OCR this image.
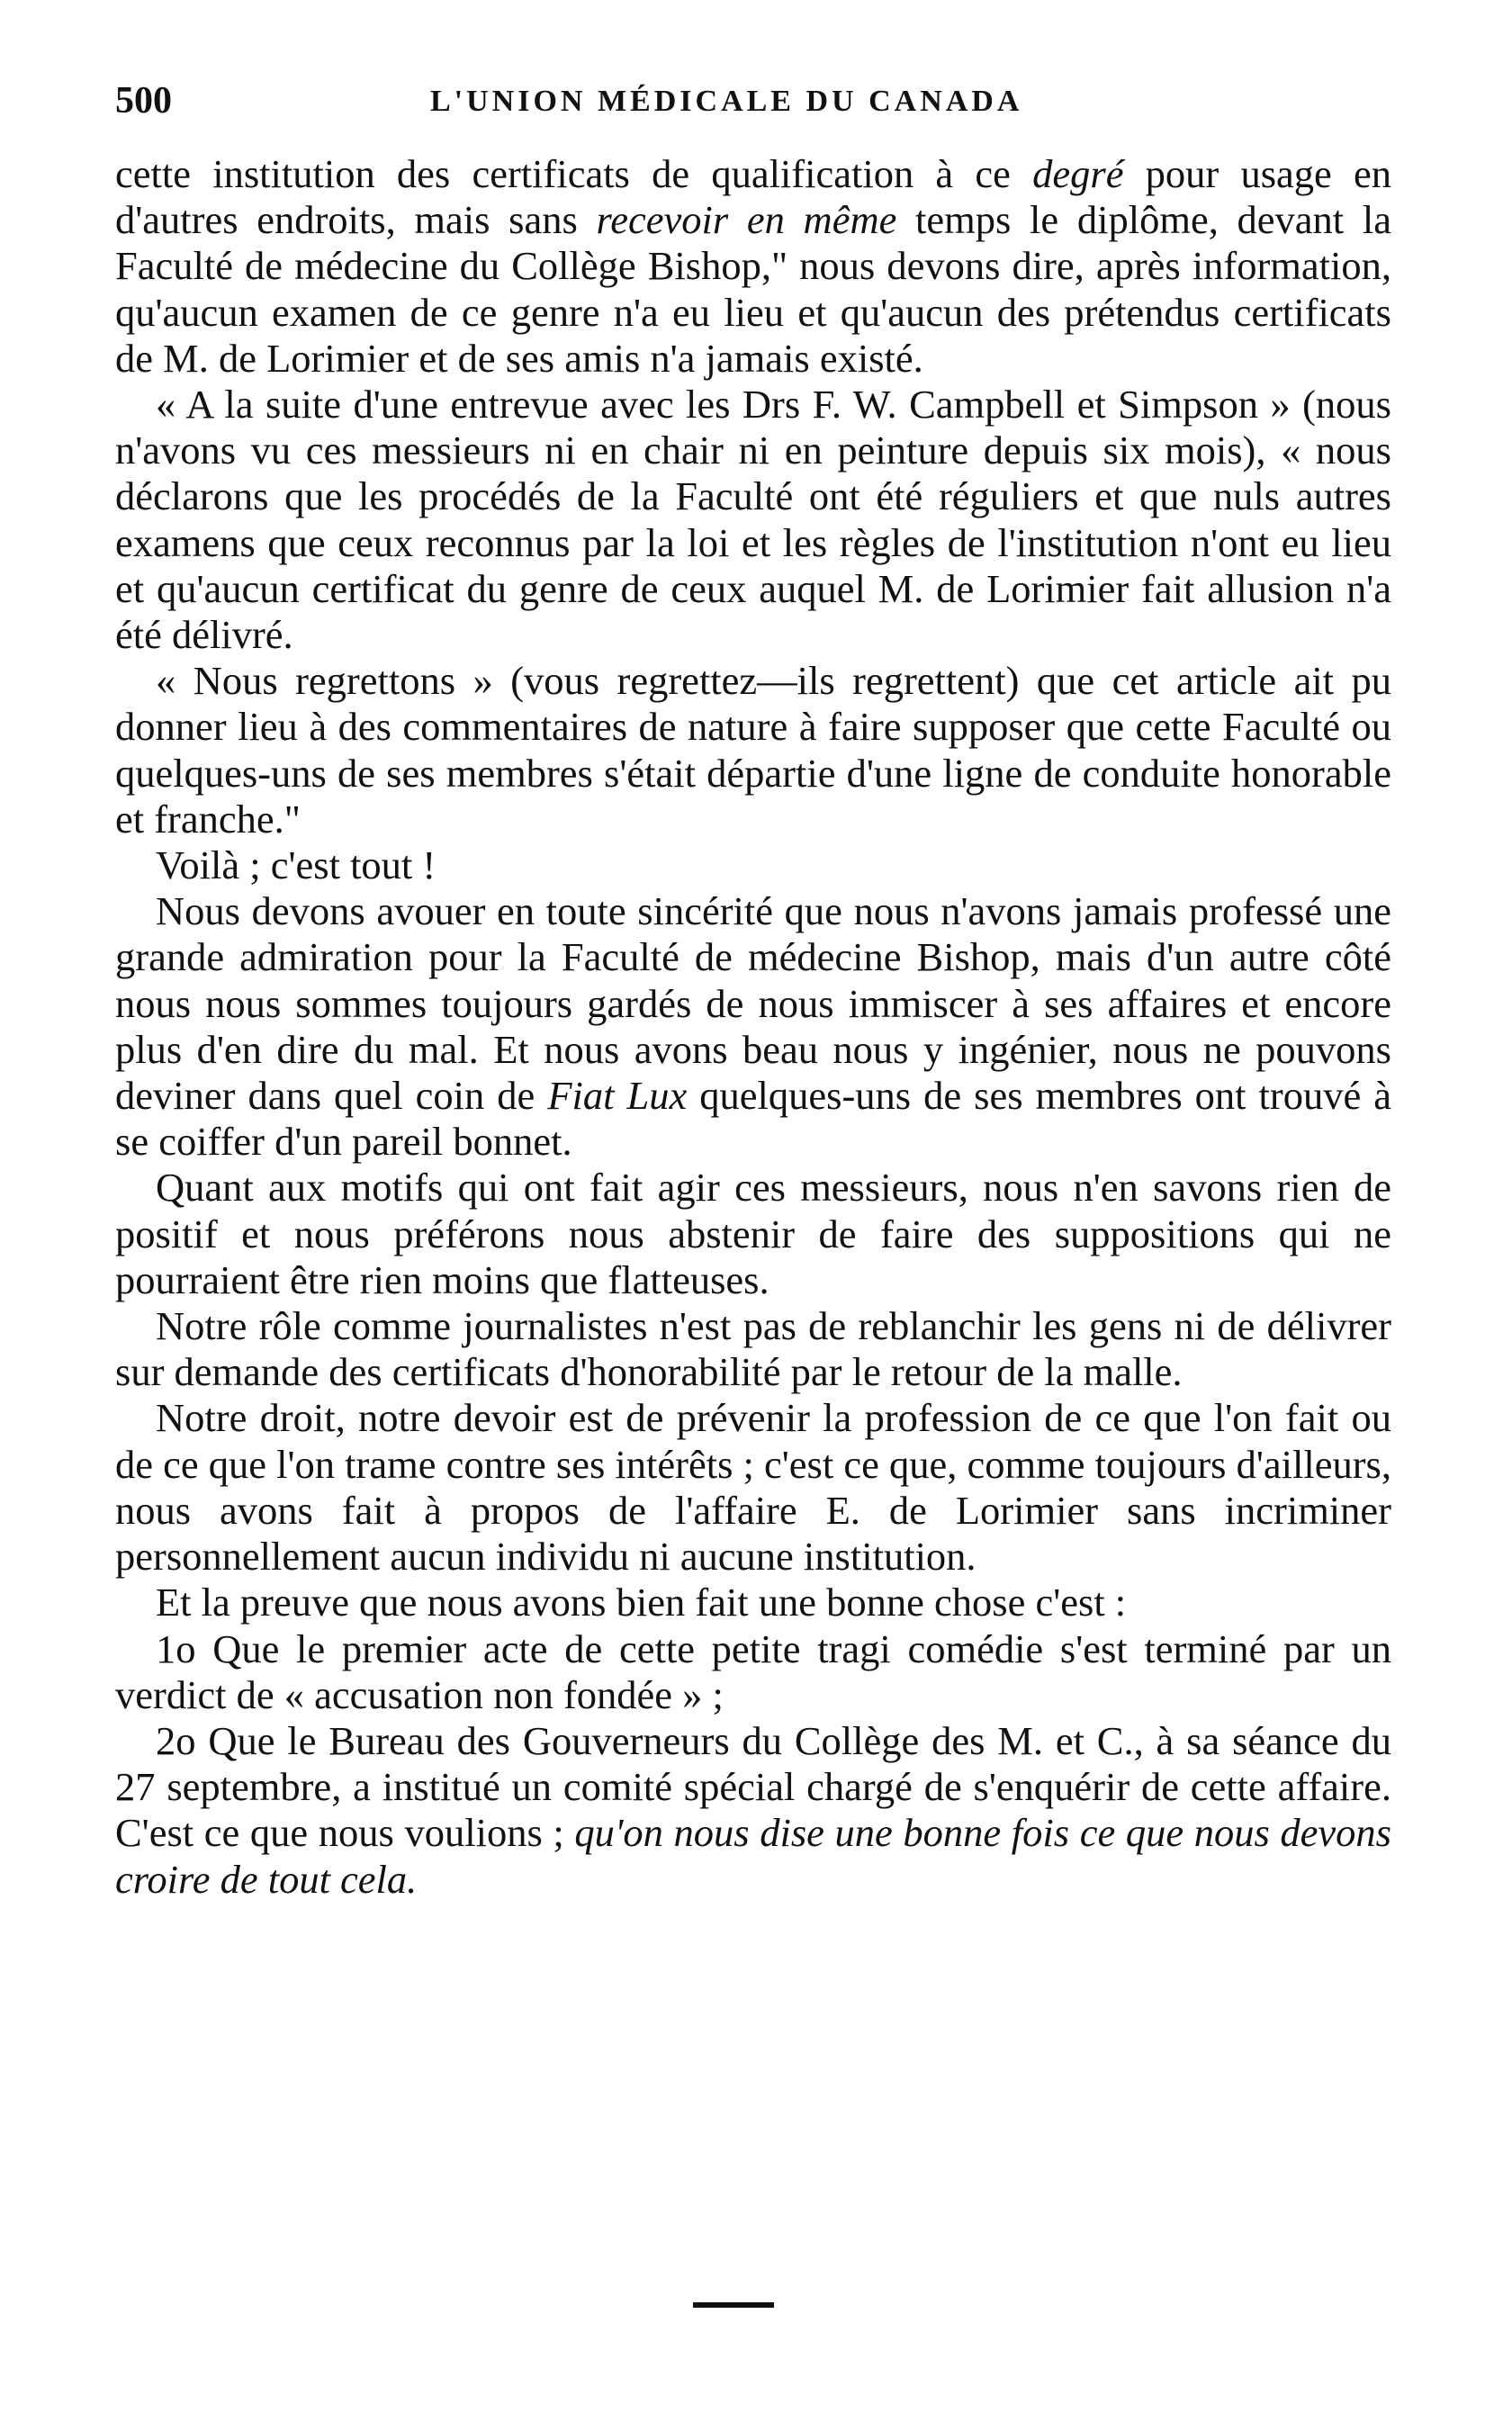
500	L'UNION MÉDICALE DU CANADA

cette institution des certificats de qualification à ce degré pour usage en d'autres endroits, mais sans recevoir en même temps le diplôme, devant la Faculté de médecine du Collège Bishop," nous devons dire, après information, qu'aucun examen de ce genre n'a eu lieu et qu'aucun des prétendus certificats de M. de Lorimier et de ses amis n'a jamais existé.

« A la suite d'une entrevue avec les Drs F. W. Campbell et Simpson » (nous n'avons vu ces messieurs ni en chair ni en peinture depuis six mois), « nous déclarons que les procédés de la Faculté ont été réguliers et que nuls autres examens que ceux reconnus par la loi et les règles de l'institution n'ont eu lieu et qu'aucun certificat du genre de ceux auquel M. de Lorimier fait allusion n'a été délivré.

« Nous regrettons » (vous regrettez—ils regrettent) que cet article ait pu donner lieu à des commentaires de nature à faire supposer que cette Faculté ou quelques-uns de ses membres s'était départie d'une ligne de conduite honorable et franche."

Voilà ; c'est tout !

Nous devons avouer en toute sincérité que nous n'avons jamais professé une grande admiration pour la Faculté de médecine Bishop, mais d'un autre côté nous nous sommes toujours gardés de nous immiscer à ses affaires et encore plus d'en dire du mal. Et nous avons beau nous y ingénier, nous ne pouvons deviner dans quel coin de Fiat Lux quelques-uns de ses membres ont trouvé à se coiffer d'un pareil bonnet.

Quant aux motifs qui ont fait agir ces messieurs, nous n'en savons rien de positif et nous préférons nous abstenir de faire des suppositions qui ne pourraient être rien moins que flatteuses.

Notre rôle comme journalistes n'est pas de reblanchir les gens ni de délivrer sur demande des certificats d'honorabilité par le retour de la malle.

Notre droit, notre devoir est de prévenir la profession de ce que l'on fait ou de ce que l'on trame contre ses intérêts ; c'est ce que, comme toujours d'ailleurs, nous avons fait à propos de l'affaire E. de Lorimier sans incriminer personnellement aucun individu ni aucune institution.

Et la preuve que nous avons bien fait une bonne chose c'est :

1o Que le premier acte de cette petite tragi comédie s'est terminé par un verdict de « accusation non fondée » ;

2o Que le Bureau des Gouverneurs du Collège des M. et C., à sa séance du 27 septembre, a institué un comité spécial chargé de s'enquérir de cette affaire. C'est ce que nous voulions ; qu'on nous dise une bonne fois ce que nous devons croire de tout cela.
